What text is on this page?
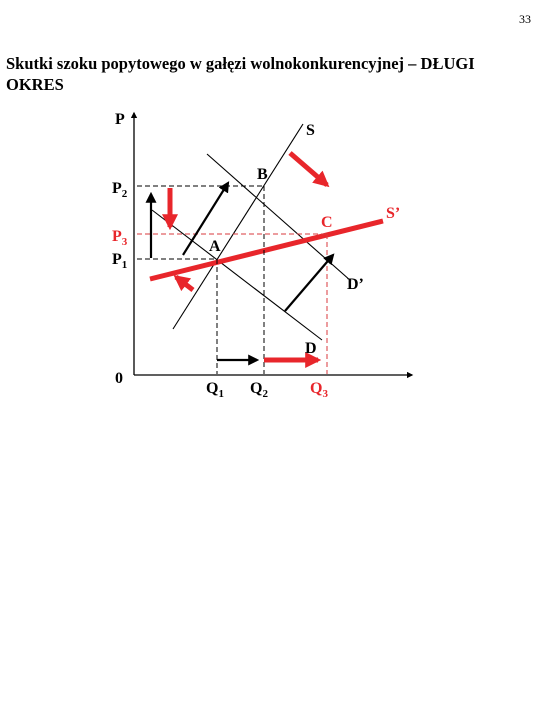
33
Skutki szoku popytowego w gałęzi wolnokonkurencyjnej – DŁUGI OKRES
P
0
S
S’
D
D’
A
B
C
$P_2$
$P_3$
$P_1$
$Q_1$ $Q_2$	$Q_3$
